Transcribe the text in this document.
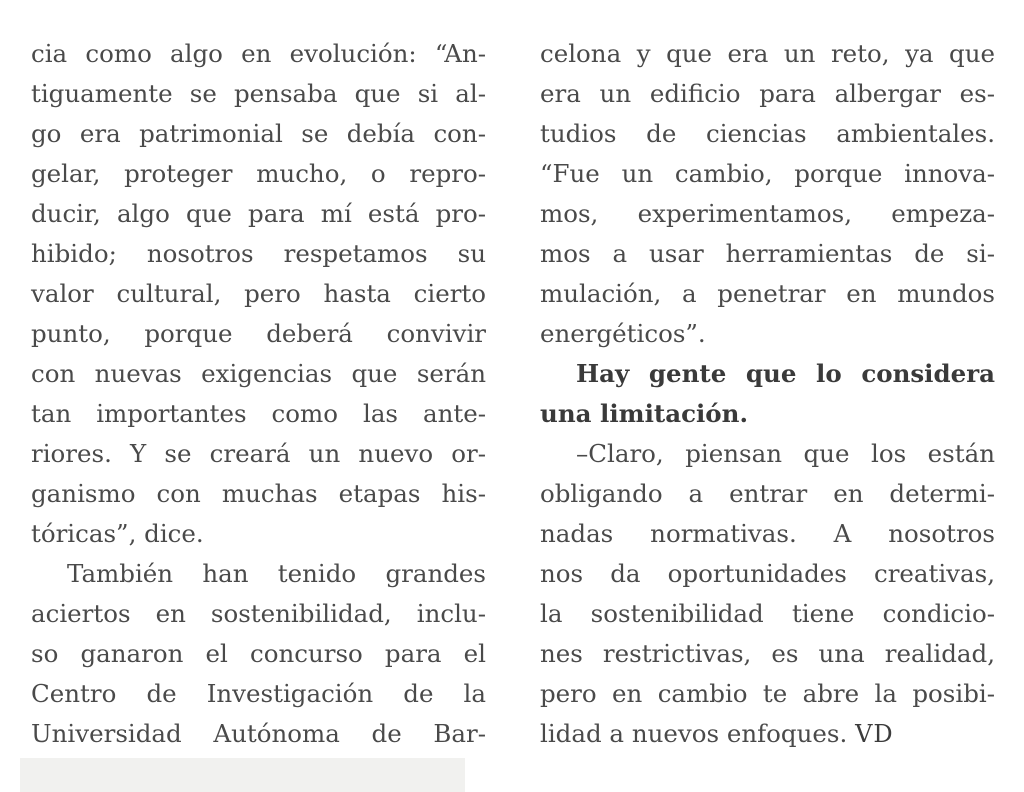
cia como algo en evolución: “An-
tiguamente se pensaba que si al-
go era patrimonial se debía con-
gelar, proteger mucho, o repro-
ducir, algo que para mí está pro-
hibido; nosotros respetamos su
valor cultural, pero hasta cierto
punto, porque deberá convivir
con nuevas exigencias que serán
tan importantes como las ante-
riores. Y se creará un nuevo or-
ganismo con muchas etapas his-
tóricas”, dice.
También han tenido grandes
aciertos en sostenibilidad, inclu-
so ganaron el concurso para el
Centro de Investigación de la
Universidad Autónoma de Bar-
celona y que era un reto, ya que
era un edificio para albergar es-
tudios de ciencias ambientales.
“Fue un cambio, porque innova-
mos, experimentamos, empeza-
mos a usar herramientas de si-
mulación, a penetrar en mundos
energéticos”.
Hay gente que lo considera
una limitación.
–Claro, piensan que los están
obligando a entrar en determi-
nadas normativas. A nosotros
nos da oportunidades creativas,
la sostenibilidad tiene condicio-
nes restrictivas, es una realidad,
pero en cambio te abre la posibi-
lidad a nuevos enfoques. VD
